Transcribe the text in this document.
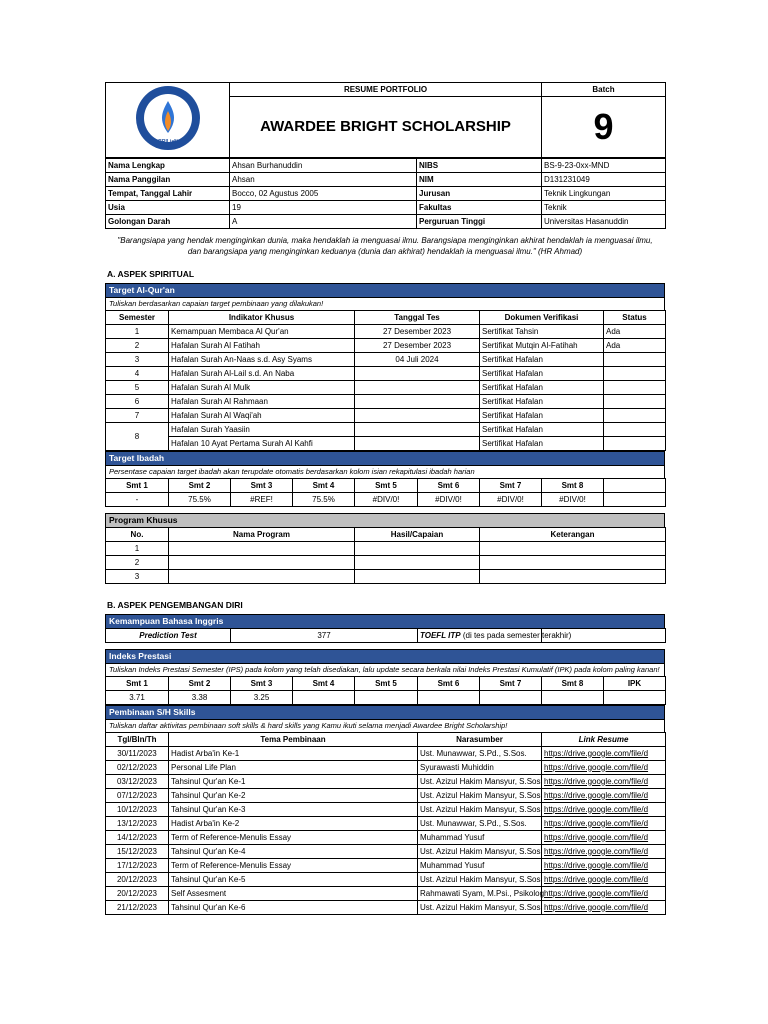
BRILiaN	RESUME PORTFOLIO	Batch
	AWARDEE BRIGHT SCHOLARSHIP	9
Nama Lengkap	Ahsan Burhanuddin	NIBS	BS-9-23-0xx-MND
Nama Panggilan	Ahsan	NIM	D131231049
Tempat, Tanggal Lahir	Bocco, 02 Agustus 2005	Jurusan	Teknik Lingkungan
Usia	19	Fakultas	Teknik
Golongan Darah	A	Perguruan Tinggi	Universitas Hasanuddin
"Barangsiapa yang hendak menginginkan dunia, maka hendaklah ia menguasai ilmu. Barangsiapa menginginkan akhirat hendaklah ia menguasai ilmu, dan barangsiapa yang menginginkan keduanya (dunia dan akhirat) hendaklah ia menguasai ilmu." (HR Ahmad)
A. ASPEK SPIRITUAL
Target Al-Qur'an
Tuliskan berdasarkan capaian target pembinaan yang dilakukan!
Semester	Indikator Khusus	Tanggal Tes	Dokumen Verifikasi	Status
1	Kemampuan Membaca Al Qur'an	27 Desember 2023	Sertifikat Tahsin	Ada
2	Hafalan Surah Al Fatihah	27 Desember 2023	Sertifikat Mutqin Al-Fatihah	Ada
3	Hafalan Surah An-Naas s.d. Asy Syams	04 Juli 2024	Sertifikat Hafalan	
4	Hafalan Surah Al-Lail s.d. An Naba		Sertifikat Hafalan	
5	Hafalan Surah Al Mulk		Sertifikat Hafalan	
6	Hafalan Surah Al Rahmaan		Sertifikat Hafalan	
7	Hafalan Surah Al Waqi'ah		Sertifikat Hafalan	
8	Hafalan Surah Yaasiin		Sertifikat Hafalan	
	Hafalan 10 Ayat Pertama Surah Al Kahfi		Sertifikat Hafalan	
Target Ibadah
Persentase capaian target ibadah akan terupdate otomatis berdasarkan kolom isian rekapitulasi ibadah harian
Smt 1	Smt 2	Smt 3	Smt 4	Smt 5	Smt 6	Smt 7	Smt 8	
-	75.5%	#REF!	75.5%	#DIV/0!	#DIV/0!	#DIV/0!	#DIV/0!	
Program Khusus
No.	Nama Program	Hasil/Capaian	Keterangan
1			
2			
3			
B. ASPEK PENGEMBANGAN DIRI
Kemampuan Bahasa Inggris
Prediction Test	377	TOEFL ITP (di tes pada semester terakhir)	
Indeks Prestasi
Tuliskan Indeks Prestasi Semester (IPS) pada kolom yang telah disediakan, lalu update secara berkala nilai Indeks Prestasi Kumulatif (IPK) pada kolom paling kanan!
Smt 1	Smt 2	Smt 3	Smt 4	Smt 5	Smt 6	Smt 7	Smt 8	IPK
3.71	3.38	3.25						
Pembinaan S/H Skills
Tuliskan daftar aktivitas pembinaan soft skills & hard skills yang Kamu ikuti selama menjadi Awardee Bright Scholarship!
Tgl/Bln/Th	Tema Pembinaan	Narasumber	Link Resume
30/11/2023	Hadist Arba'in Ke-1	Ust. Munawwar, S.Pd., S.Sos.	https://drive.google.com/file/d
02/12/2023	Personal Life Plan	Syurawasti Muhiddin	https://drive.google.com/file/d
03/12/2023	Tahsinul Qur'an Ke-1	Ust. Azizul Hakim Mansyur, S.Sos	https://drive.google.com/file/d
07/12/2023	Tahsinul Qur'an Ke-2	Ust. Azizul Hakim Mansyur, S.Sos	https://drive.google.com/file/d
10/12/2023	Tahsinul Qur'an Ke-3	Ust. Azizul Hakim Mansyur, S.Sos	https://drive.google.com/file/d
13/12/2023	Hadist Arba'in Ke-2	Ust. Munawwar, S.Pd., S.Sos.	https://drive.google.com/file/d
14/12/2023	Term of Reference-Menulis Essay	Muhammad Yusuf	https://drive.google.com/file/d
15/12/2023	Tahsinul Qur'an Ke-4	Ust. Azizul Hakim Mansyur, S.Sos	https://drive.google.com/file/d
17/12/2023	Term of Reference-Menulis Essay	Muhammad Yusuf	https://drive.google.com/file/d
20/12/2023	Tahsinul Qur'an Ke-5	Ust. Azizul Hakim Mansyur, S.Sos	https://drive.google.com/file/d
20/12/2023	Self Assesment	Rahmawati Syam, M.Psi., Psikolog	https://drive.google.com/file/d
21/12/2023	Tahsinul Qur'an Ke-6	Ust. Azizul Hakim Mansyur, S.Sos	https://drive.google.com/file/d
